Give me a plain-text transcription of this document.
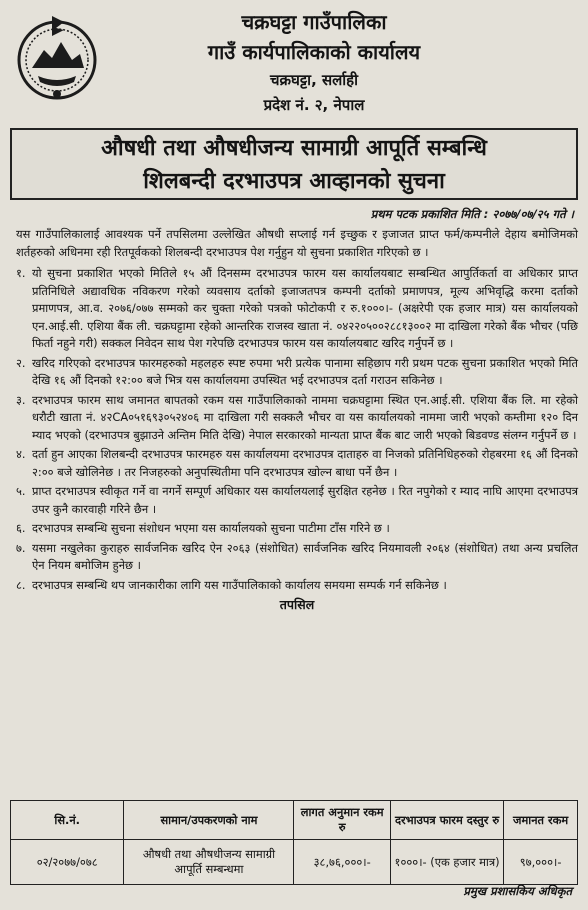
चक्रघट्टा गाउँपालिका
गाउँ कार्यपालिकाको कार्यालय
चक्रघट्टा, सर्लाही
प्रदेश नं. २, नेपाल
औषधी तथा औषधीजन्य सामाग्री आपूर्ति सम्बन्धि
शिलबन्दी दरभाउपत्र आव्हानको सुचना
प्रथम पटक प्रकाशित मिति : २०७७/०७/२५ गते ।

यस गाउँपालिकालाई आवश्यक पर्ने तपसिलमा उल्लेखित औषधी सप्लाई गर्न इच्छुक र इजाजत प्राप्त फर्म/कम्पनीले देहाय बमोजिमको शर्तहरुको अधिनमा रही रितपूर्वकको शिलबन्दी दरभाउपत्र पेश गर्नुहुन यो सुचना प्रकाशित गरिएको छ ।

१. यो सुचना प्रकाशित भएको मितिले १५ औं दिनसम्म दरभाउपत्र फारम यस कार्यालयबाट सम्बन्धित आपुर्तिकर्ता वा अधिकार प्राप्त प्रतिनिधिले अद्यावधिक नविकरण गरेको व्यवसाय दर्ताको इजाजतपत्र कम्पनी दर्ताको प्रमाणपत्र, मूल्य अभिवृद्धि करमा दर्ताको प्रमाणपत्र, आ.व. २०७६/०७७ सम्मको कर चुक्ता गरेको पत्रको फोटोकपी र रु.१०००।- (अक्षरेपी एक हजार मात्र) यस कार्यालयको एन.आई.सी. एशिया बैंक ली. चक्रघट्टामा रहेको आन्तरिक राजस्व खाता नं. ०४२२०५००२८८१३००२ मा दाखिला गरेको बैंक भौचर (पछि फिर्ता नहुने गरी) सक्कल निवेदन साथ पेश गरेपछि दरभाउपत्र फारम यस कार्यालयबाट खरिद गर्नुपर्ने छ ।
२. खरिद गरिएको दरभाउपत्र फारमहरुको महलहरु स्पष्ट रुपमा भरी प्रत्येक पानामा सहिछाप गरी प्रथम पटक सुचना प्रकाशित भएको मिति देखि १६ औं दिनको १२:०० बजे भित्र यस कार्यालयमा उपस्थित भई दरभाउपत्र दर्ता गराउन सकिनेछ ।
३. दरभाउपत्र फारम साथ जमानत बापतको रकम यस गाउँपालिकाको नाममा चक्रघट्टामा स्थित एन.आई.सी. एशिया बैंक लि. मा रहेको धरौटी खाता नं. ४२CA०५१६९३०५२४०६ मा दाखिला गरी सक्कलै भौचर वा यस कार्यालयको नाममा जारी भएको कम्तीमा १२० दिन म्याद भएको (दरभाउपत्र बुझाउने अन्तिम मिति देखि) नेपाल सरकारको मान्यता प्राप्त बैंक बाट जारी भएको बिडवण्ड संलग्न गर्नुपर्ने छ ।
४. दर्ता हुन आएका शिलबन्दी दरभाउपत्र फारमहरु यस कार्यालयमा दरभाउपत्र दाताहरु वा निजको प्रतिनिधिहरुको रोहबरमा १६ औं दिनको २:०० बजे खोलिनेछ । तर निजहरुको अनुपस्थितीमा पनि दरभाउपत्र खोल्न बाधा पर्ने छैन ।
५. प्राप्त दरभाउपत्र स्वीकृत गर्ने वा नगर्ने सम्पूर्ण अधिकार यस कार्यालयलाई सुरक्षित रहनेछ । रित नपुगेको र म्याद नाघि आएमा दरभाउपत्र उपर कुनै कारवाही गरिने छैन ।
६. दरभाउपत्र सम्बन्धि सुचना संशोधन भएमा यस कार्यालयको सुचना पाटीमा टाँस गरिने छ ।
७. यसमा नखुलेका कुराहरु सार्वजनिक खरिद ऐन २०६३ (संशोधित) सार्वजनिक खरिद नियमावली २०६४ (संशोधित) तथा अन्य प्रचलित ऐन नियम बमोजिम हुनेछ ।
८. दरभाउपत्र सम्बन्धि थप जानकारीका लागि यस गाउँपालिकाको कार्यालय समयमा सम्पर्क गर्न सकिनेछ ।
तपसिल
सि.नं.	सामान/उपकरणको नाम	लागत अनुमान रकम रु	दरभाउपत्र फारम दस्तुर रु	जमानत रकम
०२/२०७७/०७८	औषधी तथा औषधीजन्य सामाग्री आपूर्ति सम्बन्धमा	३८,७६,०००।-	१०००।- (एक हजार मात्र)	९७,०००।-
प्रमुख प्रशासकिय अधिकृत
